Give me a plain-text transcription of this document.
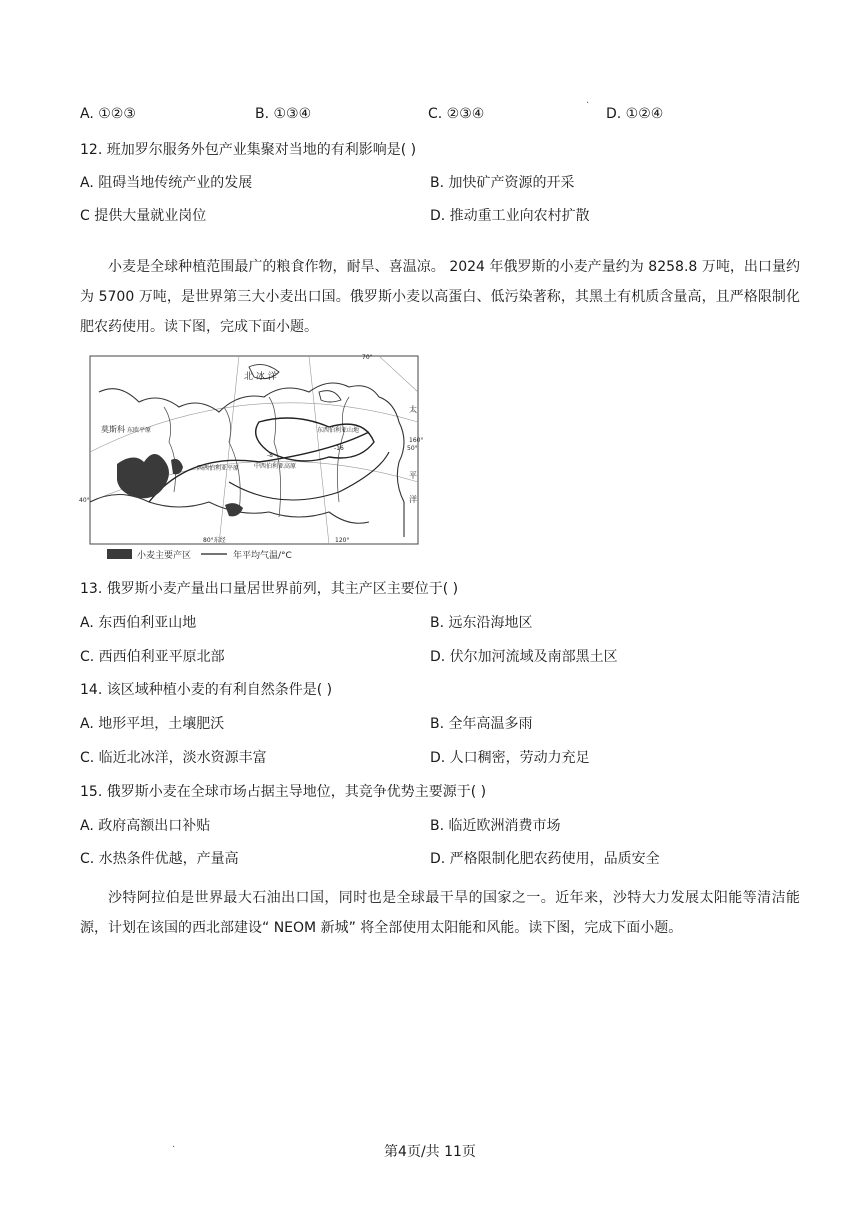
A. ①②③	B. ①③④	C. ②③④	D. ①②④
·
12. 班加罗尔服务外包产业集聚对当地的有利影响是( )
A. 阻碍当地传统产业的发展	B. 加快矿产资源的开采
C 提供大量就业岗位	D. 推动重工业向农村扩散
小麦是全球种植范围最广的粮食作物，耐旱、喜温凉。 2024 年俄罗斯的小麦产量约为 8258.8 万吨，出口量约为 5700 万吨，是世界第三大小麦出口国。俄罗斯小麦以高蛋白、低污染著称，其黑土有机质含量高，且严格限制化肥农药使用。读下图，完成下面小题。
北 冰 洋
莫斯科 东欧平原
西西伯利亚平原 中西伯利亚高原
东西伯利亚山地
太
平
洋
70°
50°
40°
160°
120°
80°东经
-8
-16
小麦主要产区	- 年平均气温/°C
13. 俄罗斯小麦产量出口量居世界前列，其主产区主要位于( )
A. 东西伯利亚山地	B. 远东沿海地区
C. 西西伯利亚平原北部	D. 伏尔加河流域及南部黑土区
14. 该区域种植小麦的有利自然条件是( )
A. 地形平坦，土壤肥沃	B. 全年高温多雨
C. 临近北冰洋，淡水资源丰富	D. 人口稠密，劳动力充足
15. 俄罗斯小麦在全球市场占据主导地位，其竞争优势主要源于( )
A. 政府高额出口补贴	B. 临近欧洲消费市场
C. 水热条件优越，产量高	D. 严格限制化肥农药使用，品质安全
沙特阿拉伯是世界最大石油出口国，同时也是全球最干旱的国家之一。近年来，沙特大力发展太阳能等清洁能源，计划在该国的西北部建设“ NEOM 新城” 将全部使用太阳能和风能。读下图，完成下面小题。
·	第4页/共 11页
